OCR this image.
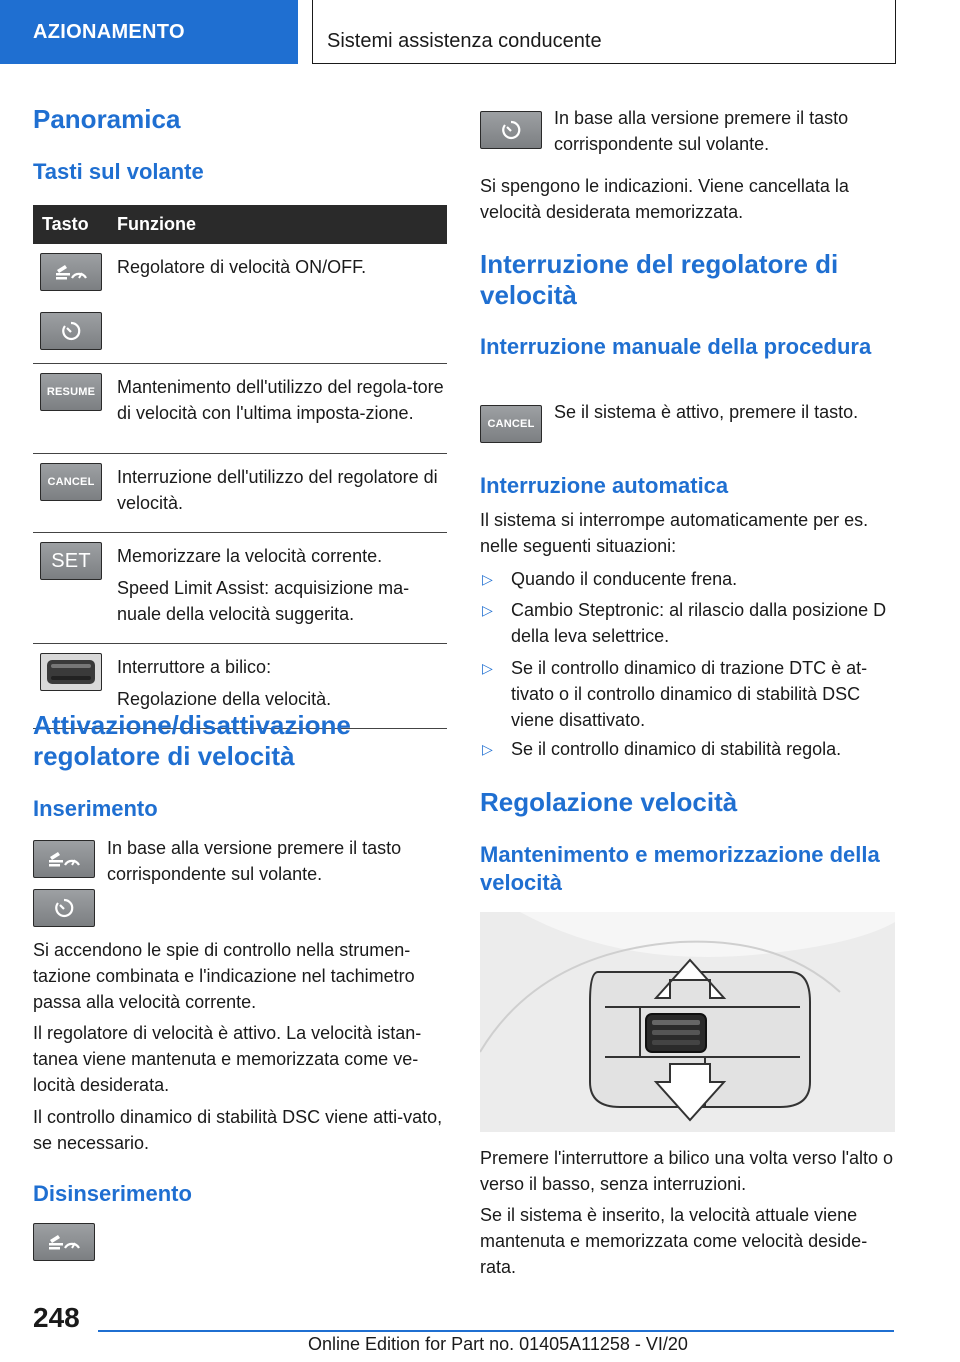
AZIONAMENTO	Sistemi assistenza conducente
Panoramica
Tasti sul volante
Tasto	Funzione

Regolatore di velocità ON/OFF.

RESUME	Mantenimento dell'utilizzo del regola-tore di velocità con l'ultima imposta-zione.

CANCEL	Interruzione dell'utilizzo del regolatore di velocità.

SET	Memorizzare la velocità corrente.
Speed Limit Assist: acquisizione ma-nuale della velocità suggerita.

Interruttore a bilico:
Regolazione della velocità.
Attivazione/disattivazione regolatore di velocità
Inserimento
In base alla versione premere il tasto corrispondente sul volante.
Si accendono le spie di controllo nella strumen-tazione combinata e l'indicazione nel tachimetro passa alla velocità corrente.
Il regolatore di velocità è attivo. La velocità istan-tanea viene mantenuta e memorizzata come ve-locità desiderata.
Il controllo dinamico di stabilità DSC viene atti-vato, se necessario.
Disinserimento
In base alla versione premere il tasto corrispondente sul volante.
Si spengono le indicazioni. Viene cancellata la velocità desiderata memorizzata.
Interruzione del regolatore di velocità
Interruzione manuale della procedura
CANCEL
Se il sistema è attivo, premere il tasto.
Interruzione automatica
Il sistema si interrompe automaticamente per es. nelle seguenti situazioni:
▷ Quando il conducente frena.
▷ Cambio Steptronic: al rilascio dalla posizione D della leva selettrice.
▷ Se il controllo dinamico di trazione DTC è at-tivato o il controllo dinamico di stabilità DSC viene disattivato.
▷ Se il controllo dinamico di stabilità regola.
Regolazione velocità
Mantenimento e memorizzazione della velocità
Premere l'interruttore a bilico una volta verso l'alto o verso il basso, senza interruzioni.
Se il sistema è inserito, la velocità attuale viene mantenuta e memorizzata come velocità deside-rata.
248
Online Edition for Part no. 01405A11258 - VI/20
